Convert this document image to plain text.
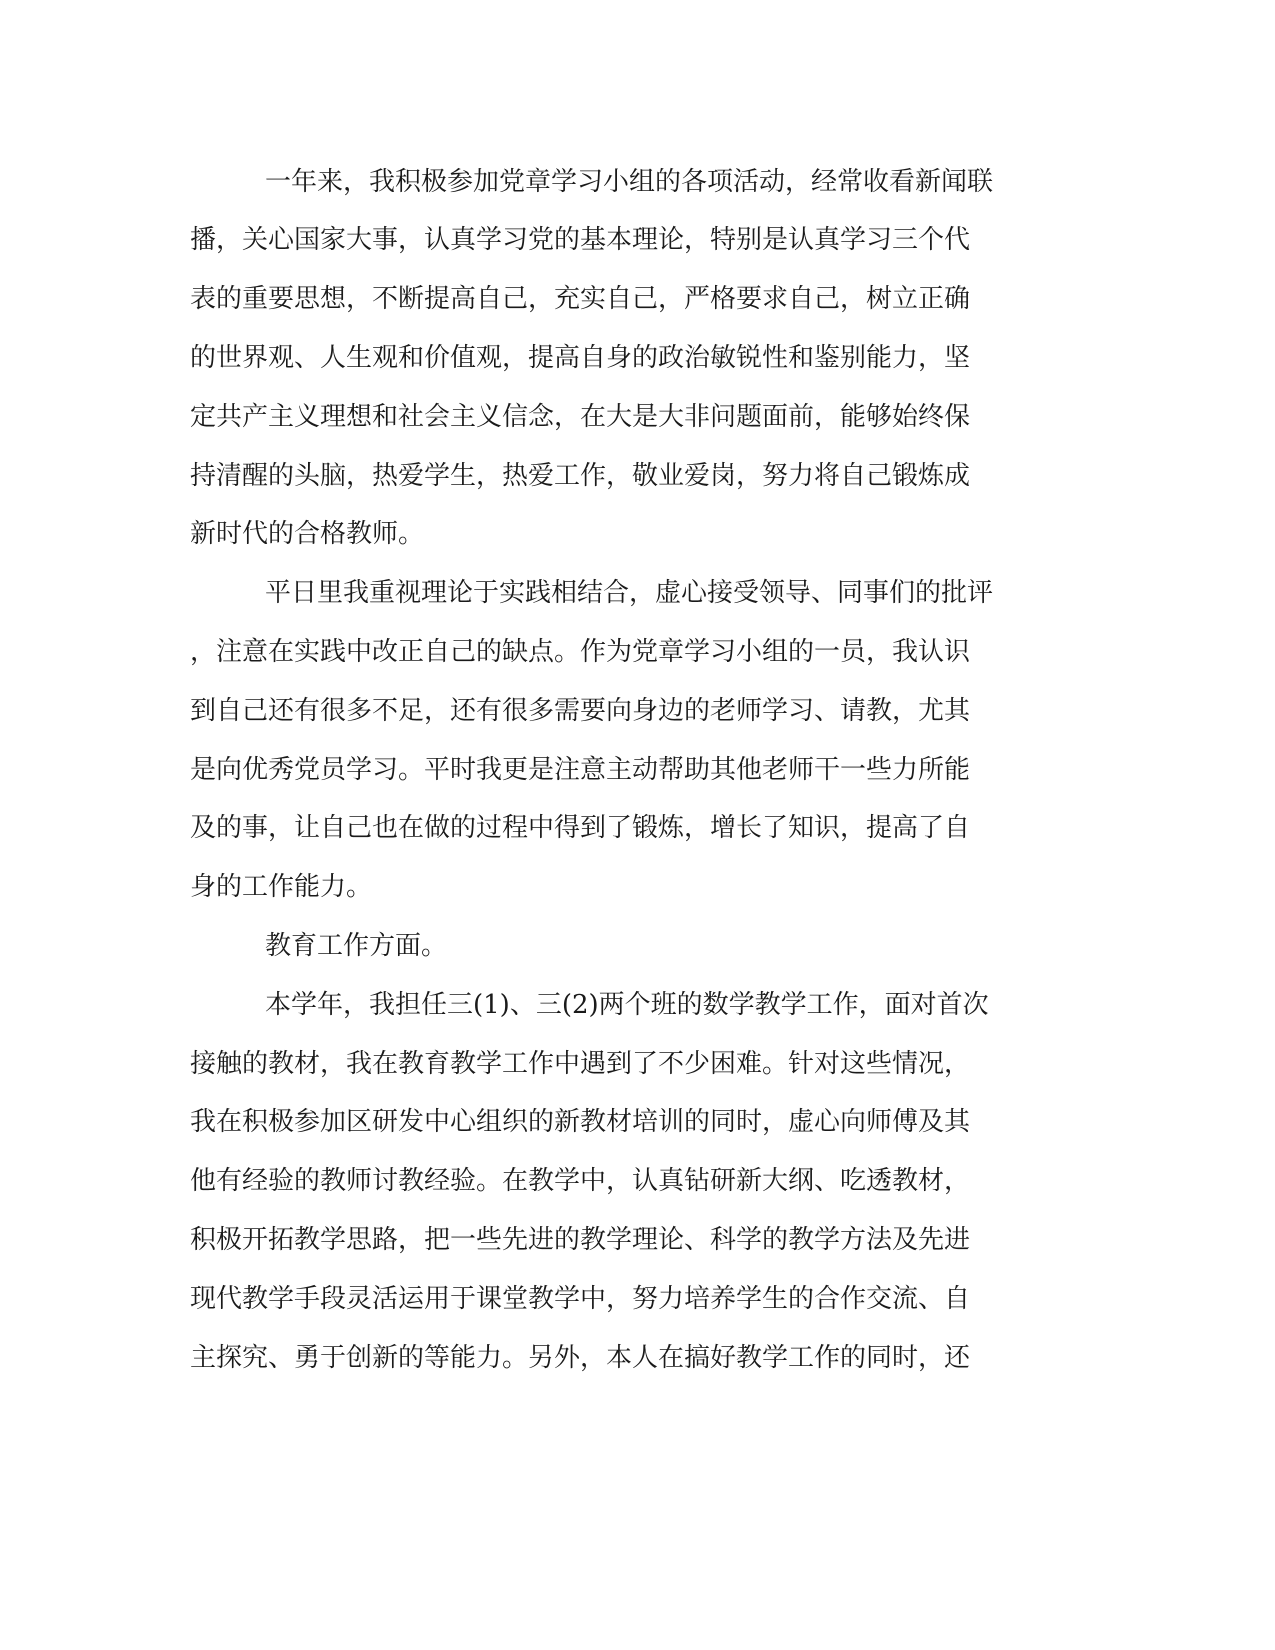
一年来，我积极参加党章学习小组的各项活动，经常收看新闻联
播，关心国家大事，认真学习党的基本理论，特别是认真学习三个代
表的重要思想，不断提高自己，充实自己，严格要求自己，树立正确
的世界观、人生观和价值观，提高自身的政治敏锐性和鉴别能力，坚
定共产主义理想和社会主义信念，在大是大非问题面前，能够始终保
持清醒的头脑，热爱学生，热爱工作，敬业爱岗，努力将自己锻炼成
新时代的合格教师。
平日里我重视理论于实践相结合，虚心接受领导、同事们的批评
，注意在实践中改正自己的缺点。作为党章学习小组的一员，我认识
到自己还有很多不足，还有很多需要向身边的老师学习、请教，尤其
是向优秀党员学习。平时我更是注意主动帮助其他老师干一些力所能
及的事，让自己也在做的过程中得到了锻炼，增长了知识，提高了自
身的工作能力。
教育工作方面。
本学年，我担任三(1)、三(2)两个班的数学教学工作，面对首次
接触的教材，我在教育教学工作中遇到了不少困难。针对这些情况，
我在积极参加区研发中心组织的新教材培训的同时，虚心向师傅及其
他有经验的教师讨教经验。在教学中，认真钻研新大纲、吃透教材，
积极开拓教学思路，把一些先进的教学理论、科学的教学方法及先进
现代教学手段灵活运用于课堂教学中，努力培养学生的合作交流、自
主探究、勇于创新的等能力。另外，本人在搞好教学工作的同时，还
